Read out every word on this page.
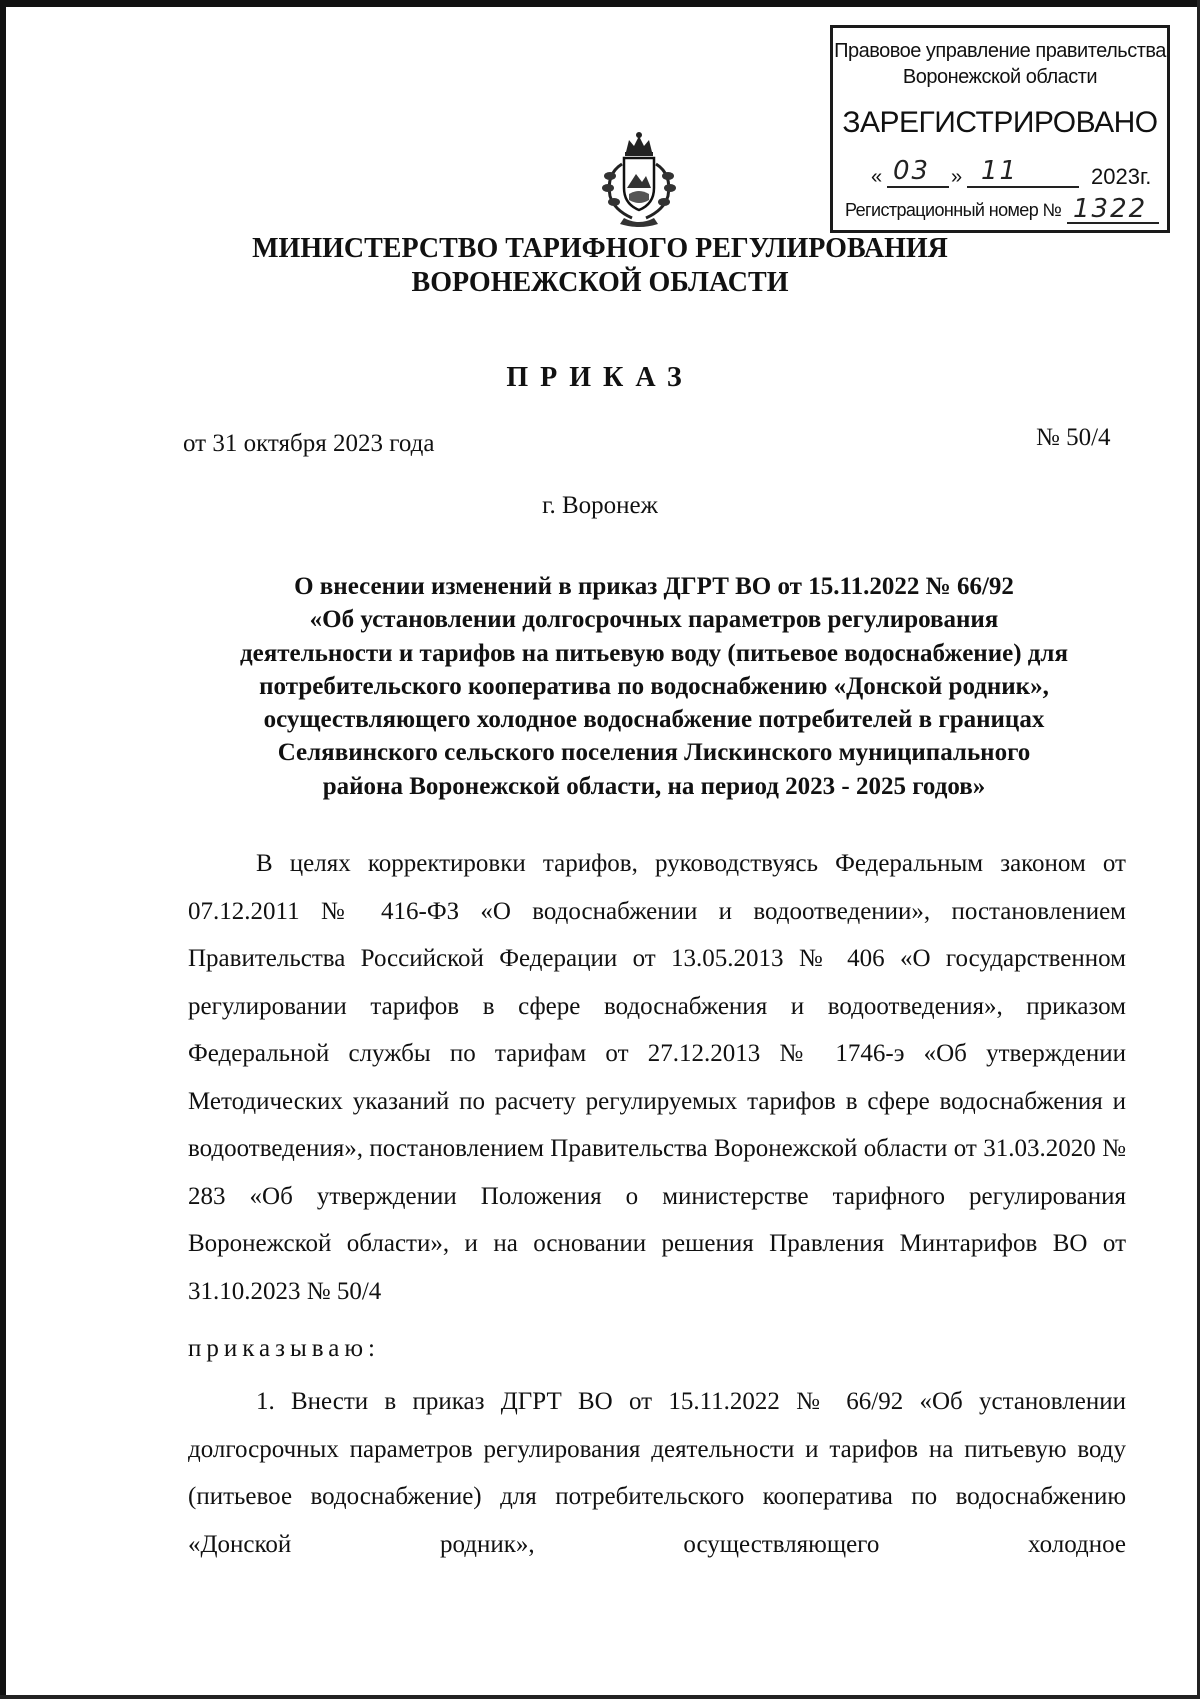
Правовое управление правительства
Воронежской области
ЗАРЕГИСТРИРОВАНО
« 03 » 11	2023г.
Регистрационный номер № 1322
МИНИСТЕРСТВО ТАРИФНОГО РЕГУЛИРОВАНИЯ
ВОРОНЕЖСКОЙ ОБЛАСТИ
ПРИКАЗ
от 31 октября 2023 года	№ 50/4
г. Воронеж
О внесении изменений в приказ ДГРТ ВО от 15.11.2022 № 66/92
«Об установлении долгосрочных параметров регулирования
деятельности и тарифов на питьевую воду (питьевое водоснабжение) для
потребительского кооператива по водоснабжению «Донской родник»,
осуществляющего холодное водоснабжение потребителей в границах
Селявинского сельского поселения Лискинского муниципального
района Воронежской области, на период 2023 - 2025 годов»
В целях корректировки тарифов, руководствуясь Федеральным законом от 07.12.2011 № 416-ФЗ «О водоснабжении и водоотведении», постановлением Правительства Российской Федерации от 13.05.2013 № 406 «О государственном регулировании тарифов в сфере водоснабжения и водоотведения», приказом Федеральной службы по тарифам от 27.12.2013 № 1746-э «Об утверждении Методических указаний по расчету регулируемых тарифов в сфере водоснабжения и водоотведения», постановлением Правительства Воронежской области от 31.03.2020 № 283 «Об утверждении Положения о министерстве тарифного регулирования Воронежской области», и на основании решения Правления Минтарифов ВО от 31.10.2023 № 50/4
приказываю:
1. Внести в приказ ДГРТ ВО от 15.11.2022 № 66/92 «Об установлении долгосрочных параметров регулирования деятельности и тарифов на питьевую воду (питьевое водоснабжение) для потребительского кооператива по водоснабжению «Донской родник», осуществляющего холодное
